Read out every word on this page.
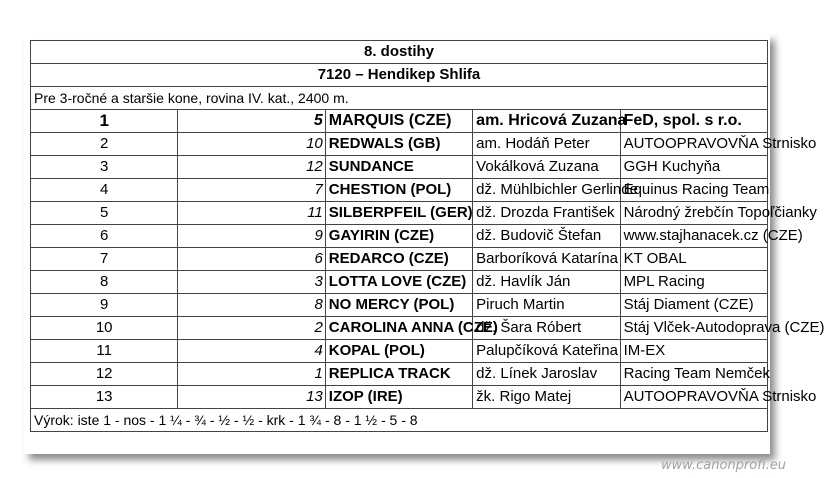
8. dostihy				
7120 – Hendikep Shlifa				
Pre 3-ročné a staršie kone, rovina IV. kat., 2400 m.				
1	5	MARQUIS (CZE)	am. Hricová Zuzana	FeD, spol. s r.o.
2	10	REDWALS (GB)	am. Hodáň Peter	AUTOOPRAVOVŇA Strnisko
3	12	SUNDANCE	Vokálková Zuzana	GGH Kuchyňa
4	7	CHESTION (POL)	dž. Mühlbichler Gerlinde	Equinus Racing Team
5	11	SILBERPFEIL (GER)	dž. Drozda František	Národný žrebčín Topoľčianky
6	9	GAYIRIN (CZE)	dž. Budovič Štefan	www.stajhanacek.cz (CZE)
7	6	REDARCO (CZE)	Barboríková Katarína	KT OBAL
8	3	LOTTA LOVE (CZE)	dž. Havlík Ján	MPL Racing
9	8	NO MERCY (POL)	Piruch Martin	Stáj Diament (CZE)
10	2	CAROLINA ANNA (CZE)	dž. Šara Róbert	Stáj Vlček-Autodoprava (CZE)
11	4	KOPAL (POL)	Palupčíková Kateřina	IM-EX
12	1	REPLICA TRACK	dž. Línek Jaroslav	Racing Team Nemček
13	13	IZOP (IRE)	žk. Rigo Matej	AUTOOPRAVOVŇA Strnisko
Výrok: iste 1 - nos - 1 ¼ - ¾ - ½ - ½ - krk - 1 ¾ - 8 - 1 ½ - 5 - 8				
www.canonprofi.eu
